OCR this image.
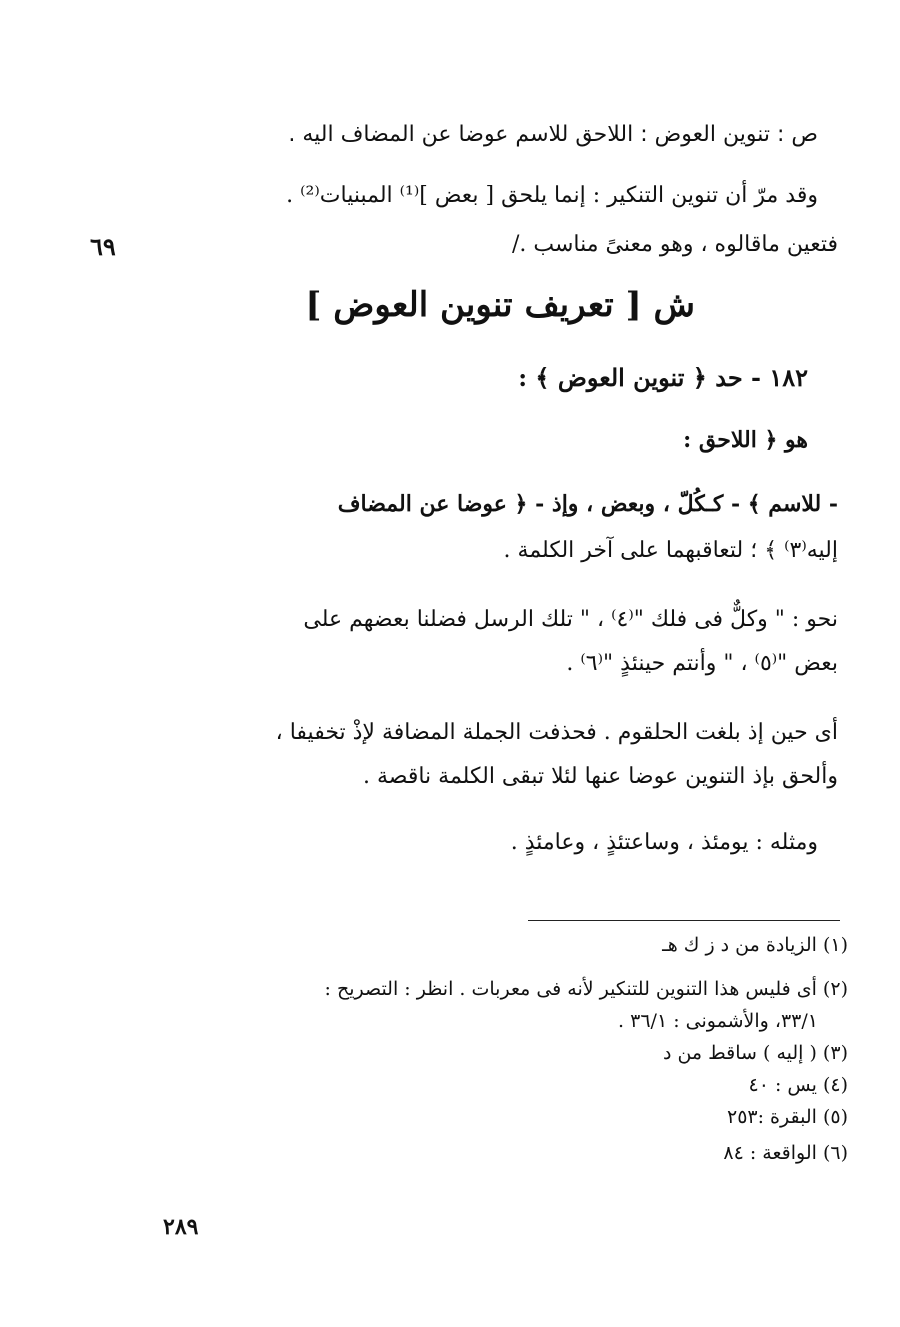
٦٩
ص : تنوين العوض : اللاحق للاسم عوضا عن المضاف اليه .
وقد مرّ أن تنوين التنكير : إنما يلحق [ بعض ]⁽¹⁾ المبنيات⁽²⁾ .
فتعين ماقالوه ، وهو معنىً مناسب ./
ش [ تعريف تنوين العوض ]
١٨٢ - حد ﴿ تنوين العوض ﴾ :
هو ﴿ اللاحق :
- للاسم ﴾ - كـكُلّ ، وبعض ، وإذ - ﴿ عوضا عن المضاف
إليه⁽٣⁾ ﴾ ؛ لتعاقبهما على آخر الكلمة .
نحو : " وكلٌّ فى فلك "⁽٤⁾ ، " تلك الرسل فضلنا بعضهم على
بعض "⁽٥⁾ ، " وأنتم حينئذٍ "⁽٦⁾ .
أى حين إذ بلغت الحلقوم . فحذفت الجملة المضافة لإذْ تخفيفا ،
وألحق بإذ التنوين عوضا عنها لئلا تبقى الكلمة ناقصة .
ومثله : يومئذ ، وساعتئذٍ ، وعامئذٍ .
(١) الزيادة من د ز ك هـ
(٢) أى فليس هذا التنوين للتنكير لأنه فى معربات . انظر : التصريح :
٣٣/١، والأشمونى : ٣٦/١ .
(٣) ( إليه ) ساقط من د
(٤) يس : ٤٠
(٥) البقرة :٢٥٣
(٦) الواقعة : ٨٤
٢٨٩
